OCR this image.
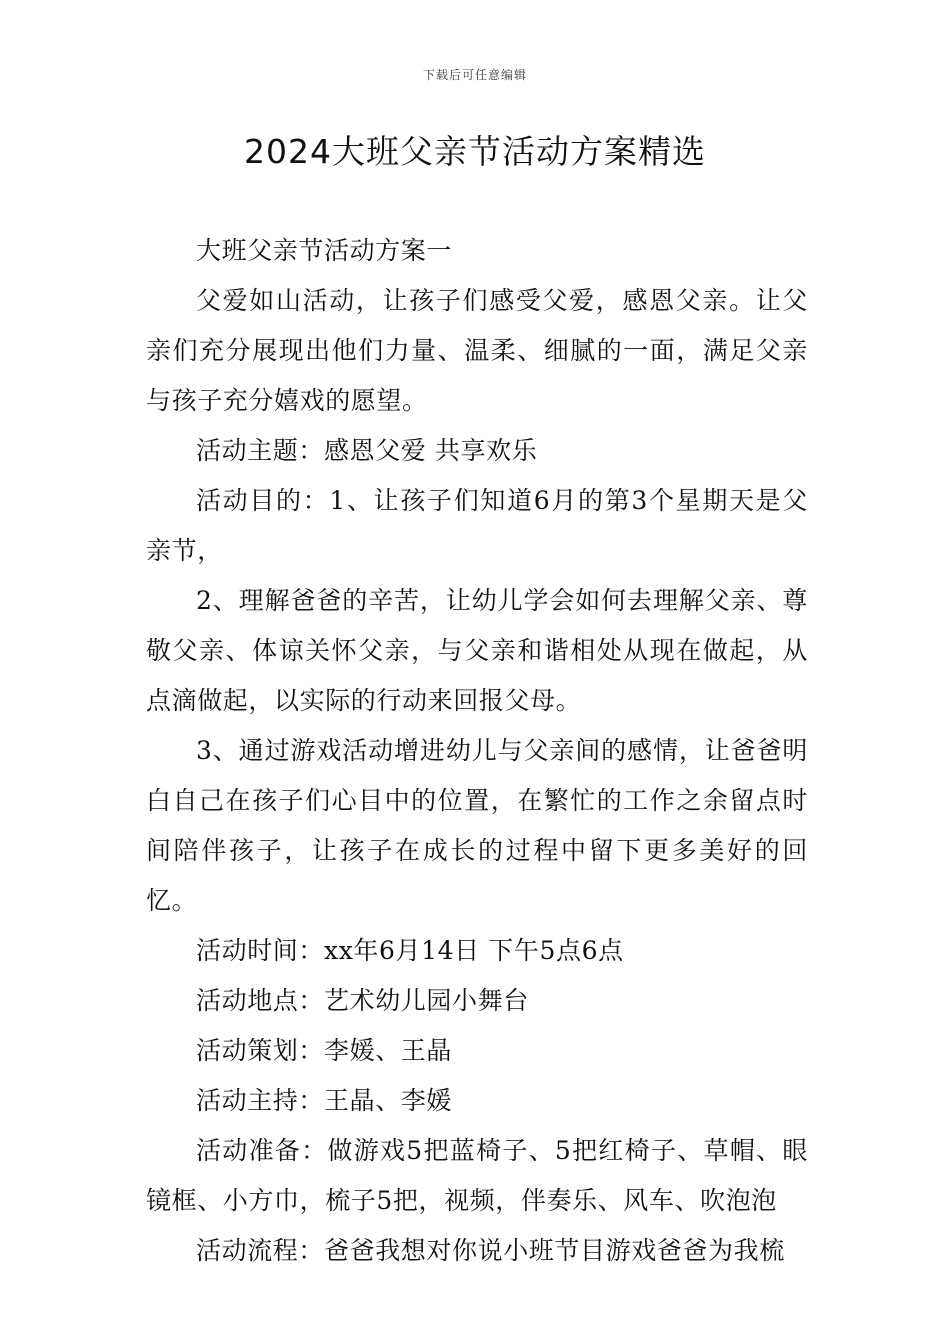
下载后可任意编辑
2024大班父亲节活动方案精选

大班父亲节活动方案一

父爱如山活动，让孩子们感受父爱，感恩父亲。让父亲们充分展现出他们力量、温柔、细腻的一面，满足父亲与孩子充分嬉戏的愿望。

活动主题：感恩父爱 共享欢乐

活动目的：1、让孩子们知道6月的第3个星期天是父亲节，

2、理解爸爸的辛苦，让幼儿学会如何去理解父亲、尊敬父亲、体谅关怀父亲，与父亲和谐相处从现在做起，从点滴做起，以实际的行动来回报父母。

3、通过游戏活动增进幼儿与父亲间的感情，让爸爸明白自己在孩子们心目中的位置，在繁忙的工作之余留点时间陪伴孩子，让孩子在成长的过程中留下更多美好的回忆。

活动时间：xx年6月14日 下午5点6点

活动地点：艺术幼儿园小舞台

活动策划：李媛、王晶

活动主持：王晶、李媛

活动准备：做游戏5把蓝椅子、5把红椅子、草帽、眼镜框、小方巾，梳子5把，视频，伴奏乐、风车、吹泡泡

活动流程：爸爸我想对你说小班节目游戏爸爸为我梳
